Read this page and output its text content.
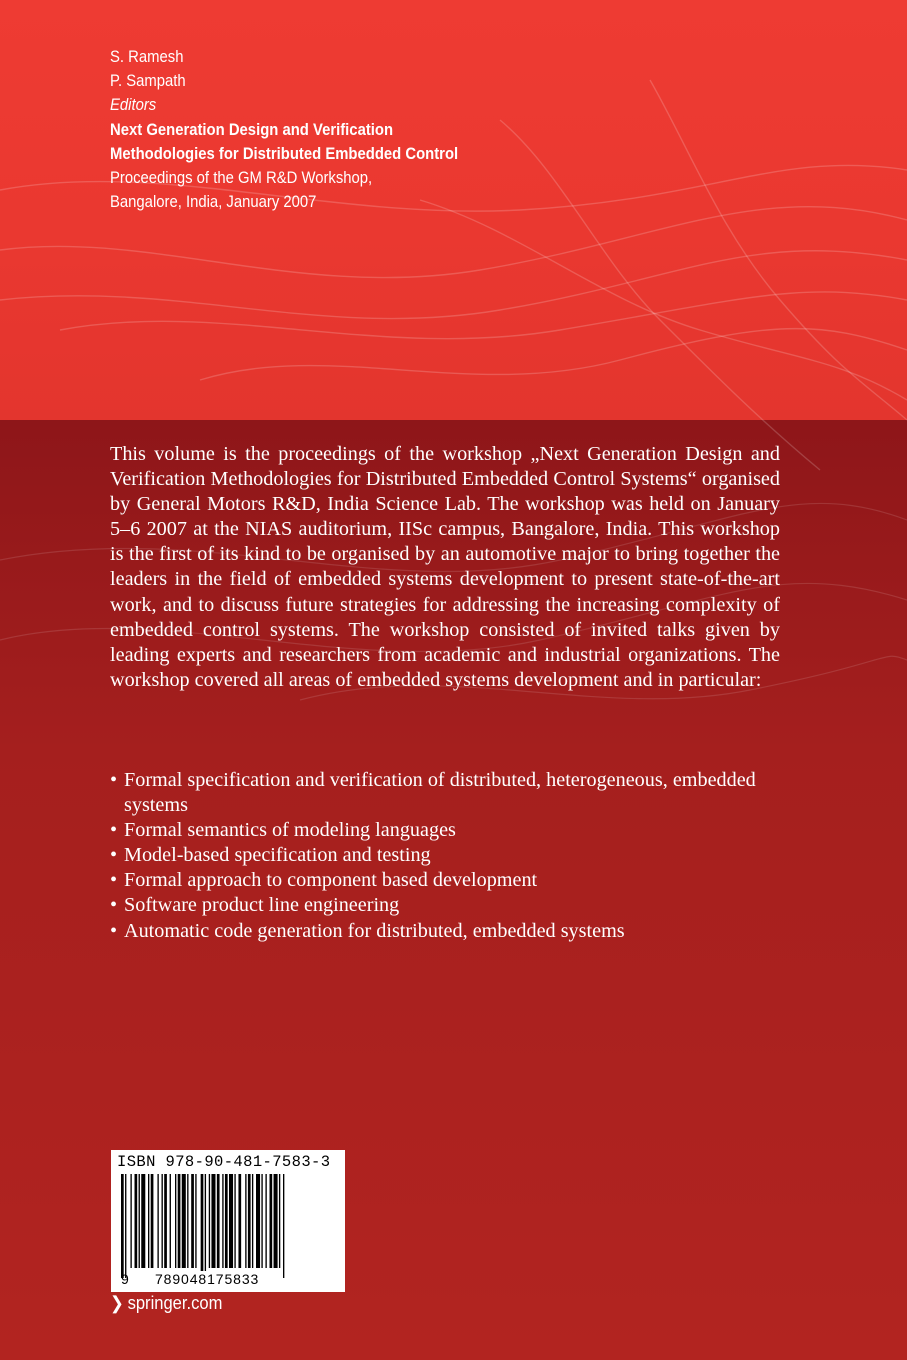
S. Ramesh
P. Sampath
Editors
Next Generation Design and Verification
Methodologies for Distributed Embedded Control
Proceedings of the GM R&D Workshop,
Bangalore, India, January 2007

This volume is the proceedings of the workshop „Next Generation Design and Verification Methodologies for Distributed Embedded Control Systems“ organised by General Motors R&D, India Science Lab. The workshop was held on January 5–6 2007 at the NIAS auditorium, IISc campus, Bangalore, India. This workshop is the first of its kind to be organised by an automotive major to bring together the leaders in the field of embedded systems development to present state-of-the-art work, and to discuss future strategies for addressing the increasing complexity of embedded control systems. The workshop consisted of invited talks given by leading experts and researchers from academic and industrial organizations. The workshop covered all areas of embedded systems development and in particular:

• Formal specification and verification of distributed, heterogeneous, embedded systems
• Formal semantics of modeling languages
• Model-based specification and testing
• Formal approach to component based development
• Software product line engineering
• Automatic code generation for distributed, embedded systems
ISBN 978-90-481-7583-3
9 789048175833
❯ springer.com
